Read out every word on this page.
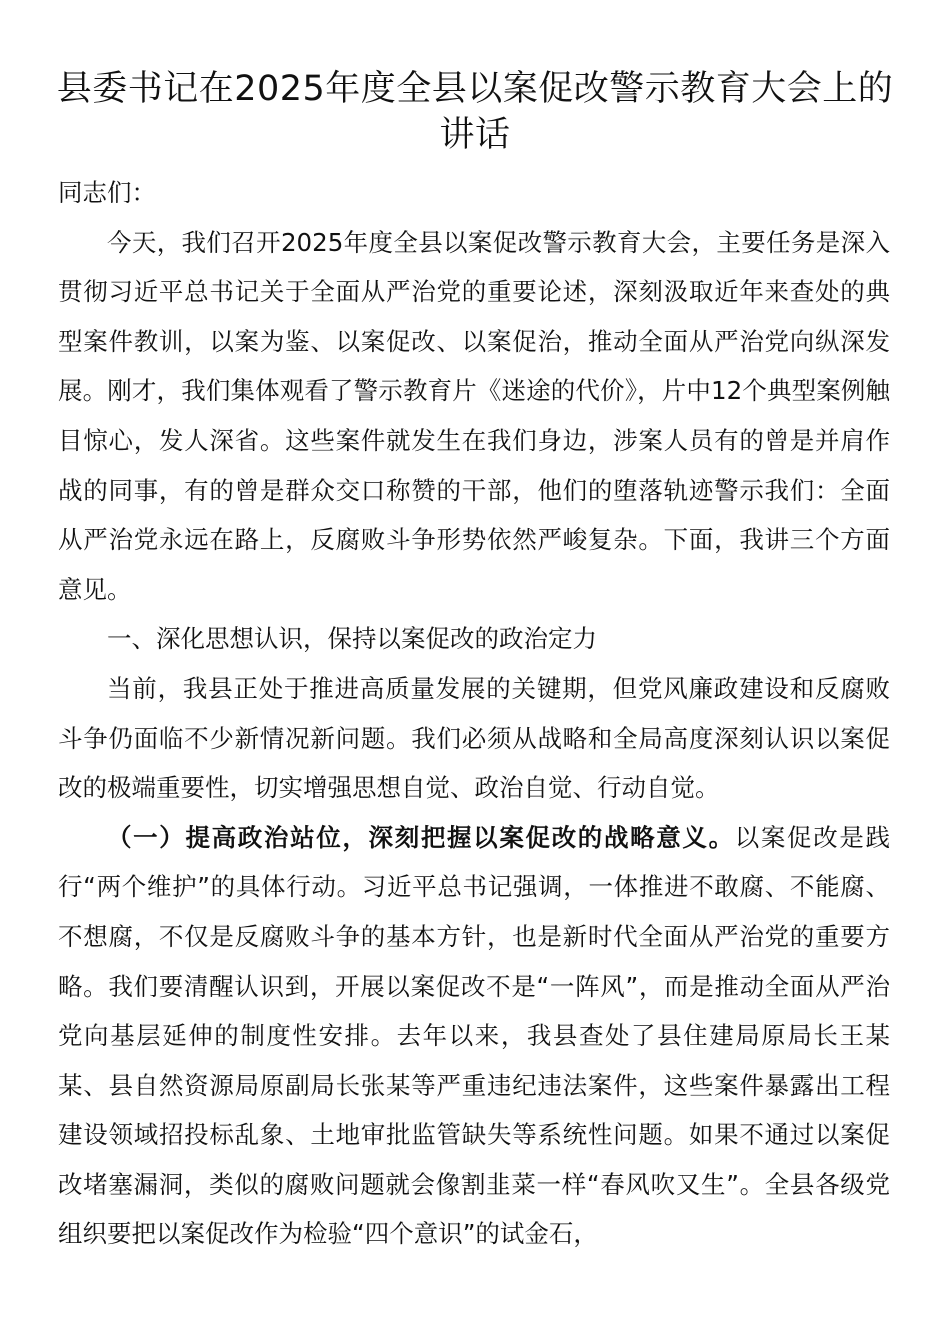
县委书记在2025年度全县以案促改警示教育大会上的讲话

同志们：

今天，我们召开2025年度全县以案促改警示教育大会，主要任务是深入贯彻习近平总书记关于全面从严治党的重要论述，深刻汲取近年来查处的典型案件教训，以案为鉴、以案促改、以案促治，推动全面从严治党向纵深发展。刚才，我们集体观看了警示教育片《迷途的代价》，片中12个典型案例触目惊心，发人深省。这些案件就发生在我们身边，涉案人员有的曾是并肩作战的同事，有的曾是群众交口称赞的干部，他们的堕落轨迹警示我们：全面从严治党永远在路上，反腐败斗争形势依然严峻复杂。下面，我讲三个方面意见。

一、深化思想认识，保持以案促改的政治定力

当前，我县正处于推进高质量发展的关键期，但党风廉政建设和反腐败斗争仍面临不少新情况新问题。我们必须从战略和全局高度深刻认识以案促改的极端重要性，切实增强思想自觉、政治自觉、行动自觉。

（一）提高政治站位，深刻把握以案促改的战略意义。以案促改是践行“两个维护”的具体行动。习近平总书记强调，一体推进不敢腐、不能腐、不想腐，不仅是反腐败斗争的基本方针，也是新时代全面从严治党的重要方略。我们要清醒认识到，开展以案促改不是“一阵风”，而是推动全面从严治党向基层延伸的制度性安排。去年以来，我县查处了县住建局原局长王某某、县自然资源局原副局长张某等严重违纪违法案件，这些案件暴露出工程建设领域招投标乱象、土地审批监管缺失等系统性问题。如果不通过以案促改堵塞漏洞，类似的腐败问题就会像割韭菜一样“春风吹又生”。全县各级党组织要把以案促改作为检验“四个意识”的试金石，
